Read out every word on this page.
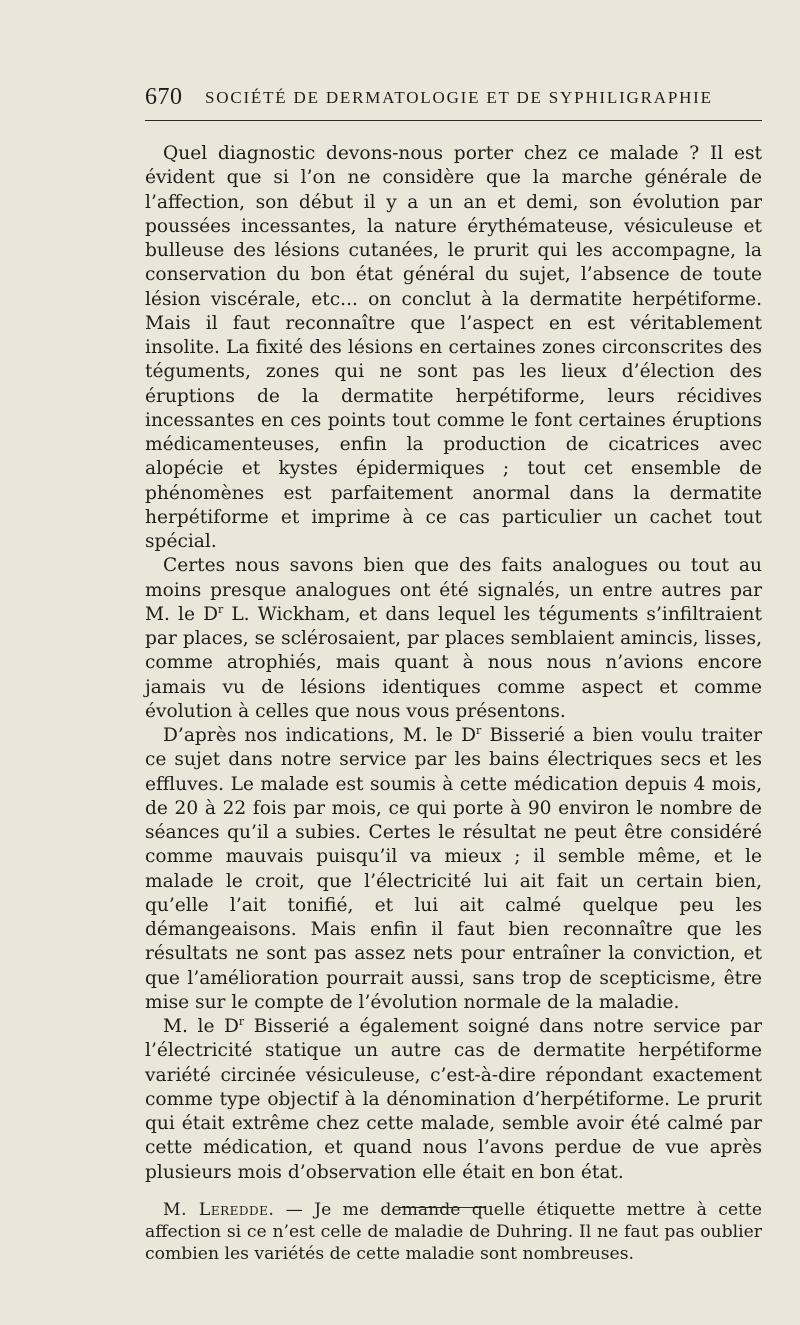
670 SOCIÉTÉ DE DERMATOLOGIE ET DE SYPHILIGRAPHIE

Quel diagnostic devons-nous porter chez ce malade ? Il est évident que si l’on ne considère que la marche générale de l’affection, son début il y a un an et demi, son évolution par poussées incessantes, la nature érythémateuse, vésiculeuse et bulleuse des lésions cutanées, le prurit qui les accompagne, la conservation du bon état général du sujet, l’absence de toute lésion viscérale, etc... on conclut à la dermatite herpétiforme. Mais il faut reconnaître que l’aspect en est véritablement insolite. La fixité des lésions en certaines zones circonscrites des téguments, zones qui ne sont pas les lieux d’élection des éruptions de la dermatite herpétiforme, leurs récidives incessantes en ces points tout comme le font certaines éruptions médicamenteuses, enfin la production de cicatrices avec alopécie et kystes épidermiques ; tout cet ensemble de phénomènes est parfaitement anormal dans la dermatite herpétiforme et imprime à ce cas particulier un cachet tout spécial.

Certes nous savons bien que des faits analogues ou tout au moins presque analogues ont été signalés, un entre autres par M. le $D^r$ L. Wickham, et dans lequel les téguments s’infiltraient par places, se sclérosaient, par places semblaient amincis, lisses, comme atrophiés, mais quant à nous nous n’avions encore jamais vu de lésions identiques comme aspect et comme évolution à celles que nous vous présentons.

D’après nos indications, M. le $D^r$ Bisserié a bien voulu traiter ce sujet dans notre service par les bains électriques secs et les effluves. Le malade est soumis à cette médication depuis 4 mois, de 20 à 22 fois par mois, ce qui porte à 90 environ le nombre de séances qu’il a subies. Certes le résultat ne peut être considéré comme mauvais puisqu’il va mieux ; il semble même, et le malade le croit, que l’électricité lui ait fait un certain bien, qu’elle l’ait tonifié, et lui ait calmé quelque peu les démangeaisons. Mais enfin il faut bien reconnaître que les résultats ne sont pas assez nets pour entraîner la conviction, et que l’amélioration pourrait aussi, sans trop de scepticisme, être mise sur le compte de l’évolution normale de la maladie.

M. le $D^r$ Bisserié a également soigné dans notre service par l’électricité statique un autre cas de dermatite herpétiforme variété circinée vésiculeuse, c’est-à-dire répondant exactement comme type objectif à la dénomination d’herpétiforme. Le prurit qui était extrême chez cette malade, semble avoir été calmé par cette médication, et quand nous l’avons perdue de vue après plusieurs mois d’observation elle était en bon état.

M. Leredde. — Je me demande quelle étiquette mettre à cette affection si ce n’est celle de maladie de Duhring. Il ne faut pas oublier combien les variétés de cette maladie sont nombreuses.
